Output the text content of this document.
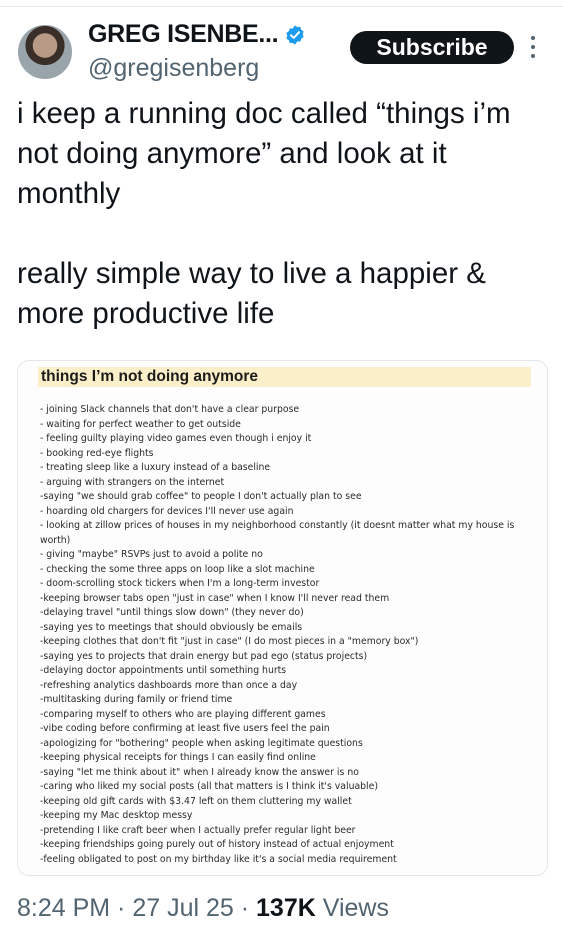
GREG ISENBE...
@gregisenberg
Subscribe
i keep a running doc called “things i’m not doing anymore” and look at it monthly

really simple way to live a happier & more productive life
things I’m not doing anymore
- joining Slack channels that don't have a clear purpose
- waiting for perfect weather to get outside
- feeling guilty playing video games even though i enjoy it
- booking red-eye flights
- treating sleep like a luxury instead of a baseline
- arguing with strangers on the internet
-saying "we should grab coffee" to people I don't actually plan to see
- hoarding old chargers for devices I'll never use again
- looking at zillow prices of houses in my neighborhood constantly (it doesnt matter what my house is worth)
- giving "maybe" RSVPs just to avoid a polite no
- checking the some three apps on loop like a slot machine
- doom-scrolling stock tickers when I'm a long-term investor
-keeping browser tabs open "just in case" when I know I'll never read them
-delaying travel "until things slow down" (they never do)
-saying yes to meetings that should obviously be emails
-keeping clothes that don't fit "just in case" (I do most pieces in a "memory box")
-saying yes to projects that drain energy but pad ego (status projects)
-delaying doctor appointments until something hurts
-refreshing analytics dashboards more than once a day
-multitasking during family or friend time
-comparing myself to others who are playing different games
-vibe coding before confirming at least five users feel the pain
-apologizing for "bothering" people when asking legitimate questions
-keeping physical receipts for things I can easily find online
-saying "let me think about it" when I already know the answer is no
-caring who liked my social posts (all that matters is I think it's valuable)
-keeping old gift cards with $3.47 left on them cluttering my wallet
-keeping my Mac desktop messy
-pretending I like craft beer when I actually prefer regular light beer
-keeping friendships going purely out of history instead of actual enjoyment
-feeling obligated to post on my birthday like it's a social media requirement
8:24 PM · 27 Jul 25 · 137K Views
